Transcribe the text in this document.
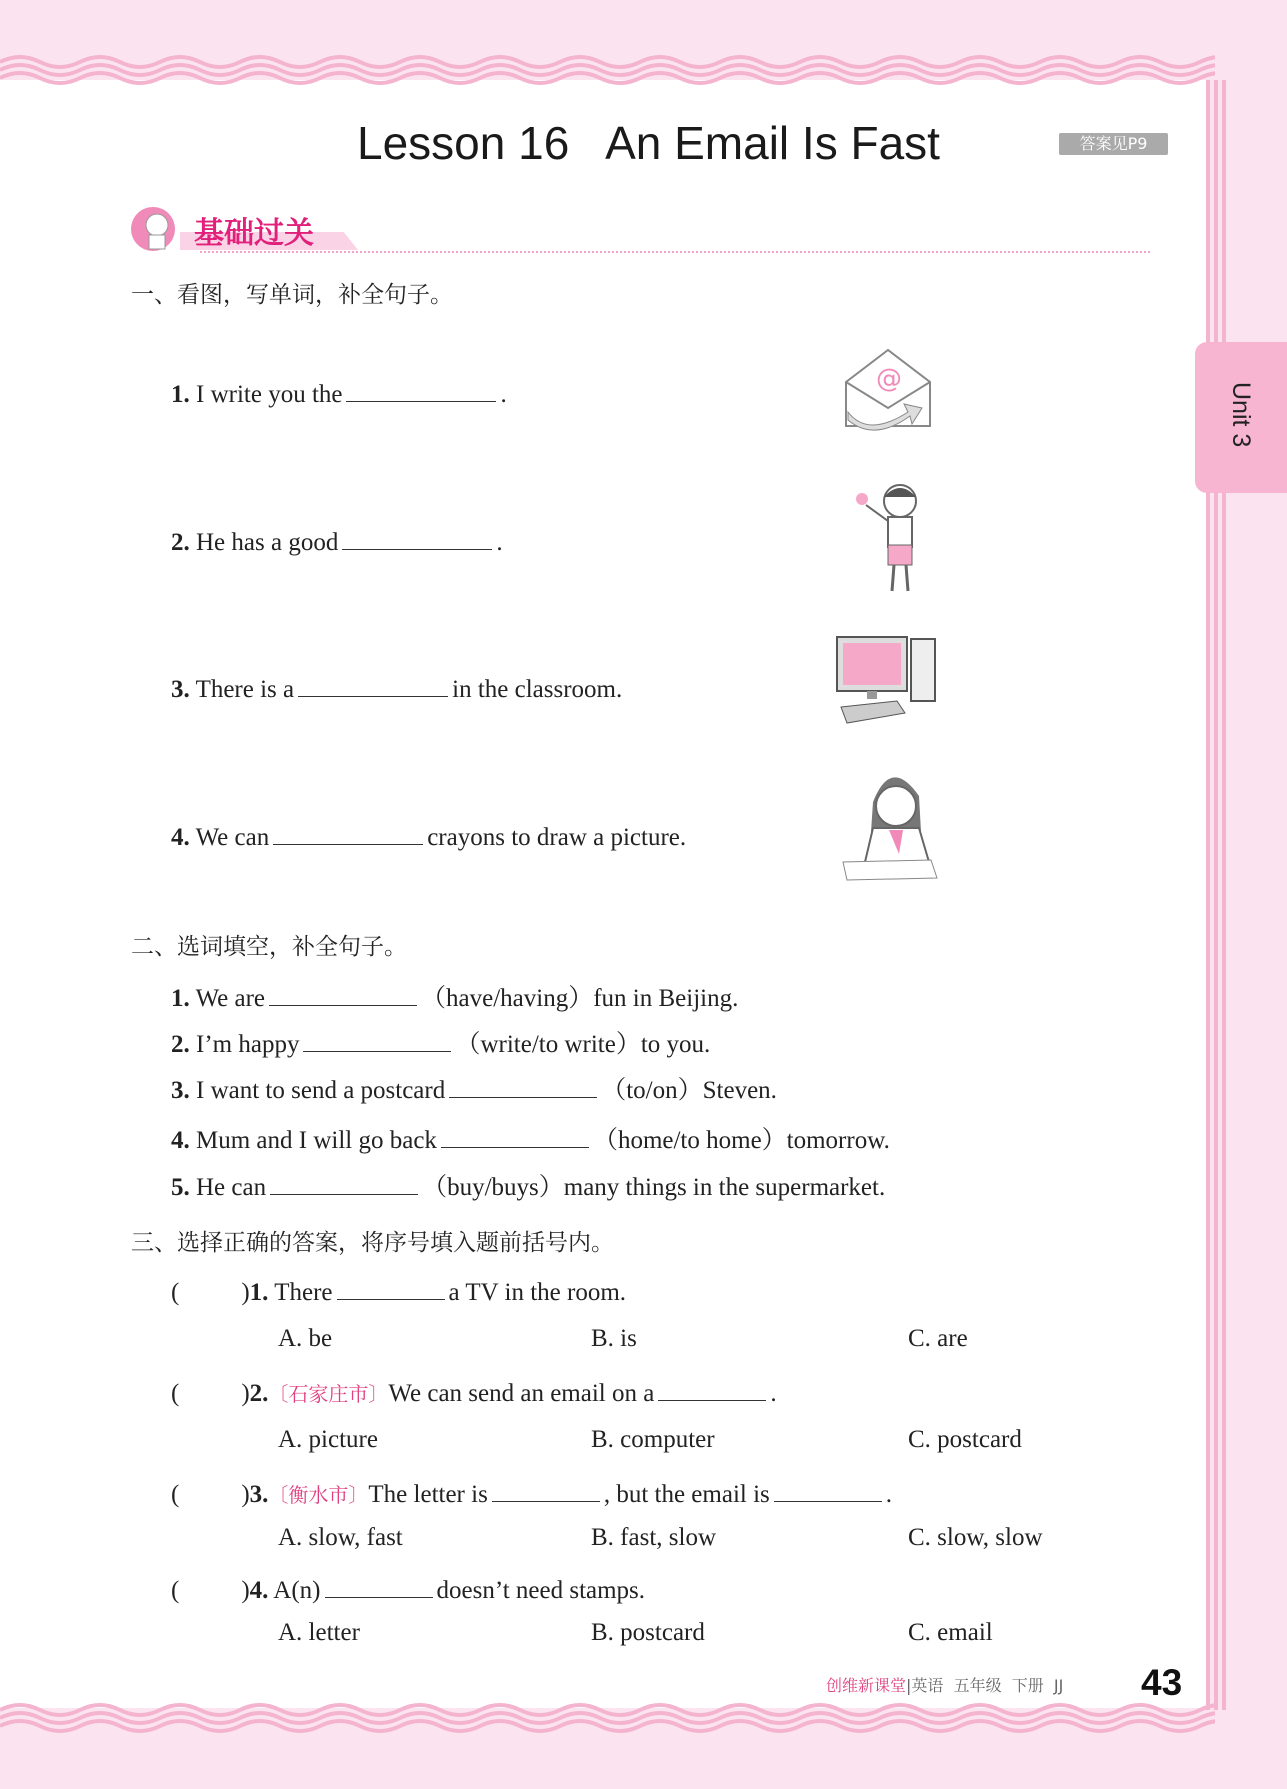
Lesson 16   An Email Is Fast	答案见P9
Unit 3
基础过关
一、看图，写单词，补全句子。
1. I write you the	.
2. He has a good	.
3. There is a	in the classroom.
4. We can	crayons to draw a picture.
@
二、选词填空，补全句子。
1. We are	（have/having）fun in Beijing.
2. I’m happy	（write/to write）to you.
3. I want to send a postcard	（to/on）Steven.
4. Mum and I will go back	（home/to home）tomorrow.
5. He can	（buy/buys）many things in the supermarket.
三、选择正确的答案，将序号填入题前括号内。
( )1. There	a TV in the room.
A. be	B. is	C. are
( )2.〔石家庄市〕We can send an email on a	.
A. picture	B. computer	C. postcard
( )3.〔衡水市〕The letter is	, but the email is	.
A. slow, fast	B. fast, slow	C. slow, slow
( )4. A(n)	doesn’t need stamps.
A. letter	B. postcard	C. email
创维新课堂|英语  五年级  下册  JJ 43
